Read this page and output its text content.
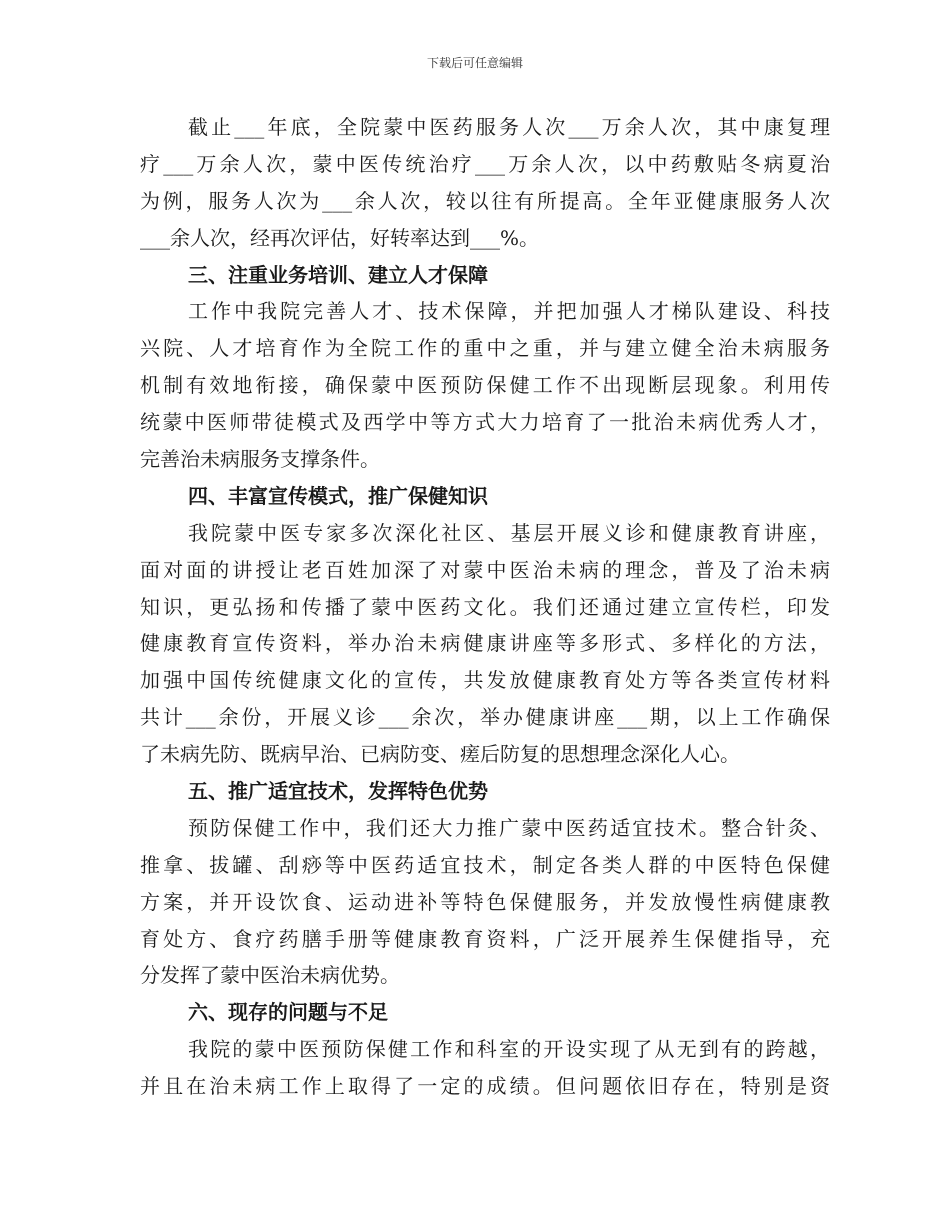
下载后可任意编辑
截止___年底，全院蒙中医药服务人次___万余人次，其中康复理
疗___万余人次，蒙中医传统治疗___万余人次，以中药敷贴冬病夏治
为例，服务人次为___余人次，较以往有所提高。全年亚健康服务人次
___余人次，经再次评估，好转率达到___%。
三、注重业务培训、建立人才保障
工作中我院完善人才、技术保障，并把加强人才梯队建设、科技
兴院、人才培育作为全院工作的重中之重，并与建立健全治未病服务
机制有效地衔接，确保蒙中医预防保健工作不出现断层现象。利用传
统蒙中医师带徒模式及西学中等方式大力培育了一批治未病优秀人才，
完善治未病服务支撑条件。
四、丰富宣传模式，推广保健知识
我院蒙中医专家多次深化社区、基层开展义诊和健康教育讲座，
面对面的讲授让老百姓加深了对蒙中医治未病的理念，普及了治未病
知识，更弘扬和传播了蒙中医药文化。我们还通过建立宣传栏，印发
健康教育宣传资料，举办治未病健康讲座等多形式、多样化的方法，
加强中国传统健康文化的宣传，共发放健康教育处方等各类宣传材料
共计___余份，开展义诊___余次，举办健康讲座___期，以上工作确保
了未病先防、既病早治、已病防变、瘥后防复的思想理念深化人心。
五、推广适宜技术，发挥特色优势
预防保健工作中，我们还大力推广蒙中医药适宜技术。整合针灸、
推拿、拔罐、刮痧等中医药适宜技术，制定各类人群的中医特色保健
方案，并开设饮食、运动进补等特色保健服务，并发放慢性病健康教
育处方、食疗药膳手册等健康教育资料，广泛开展养生保健指导，充
分发挥了蒙中医治未病优势。
六、现存的问题与不足
我院的蒙中医预防保健工作和科室的开设实现了从无到有的跨越，
并且在治未病工作上取得了一定的成绩。但问题依旧存在，特别是资
